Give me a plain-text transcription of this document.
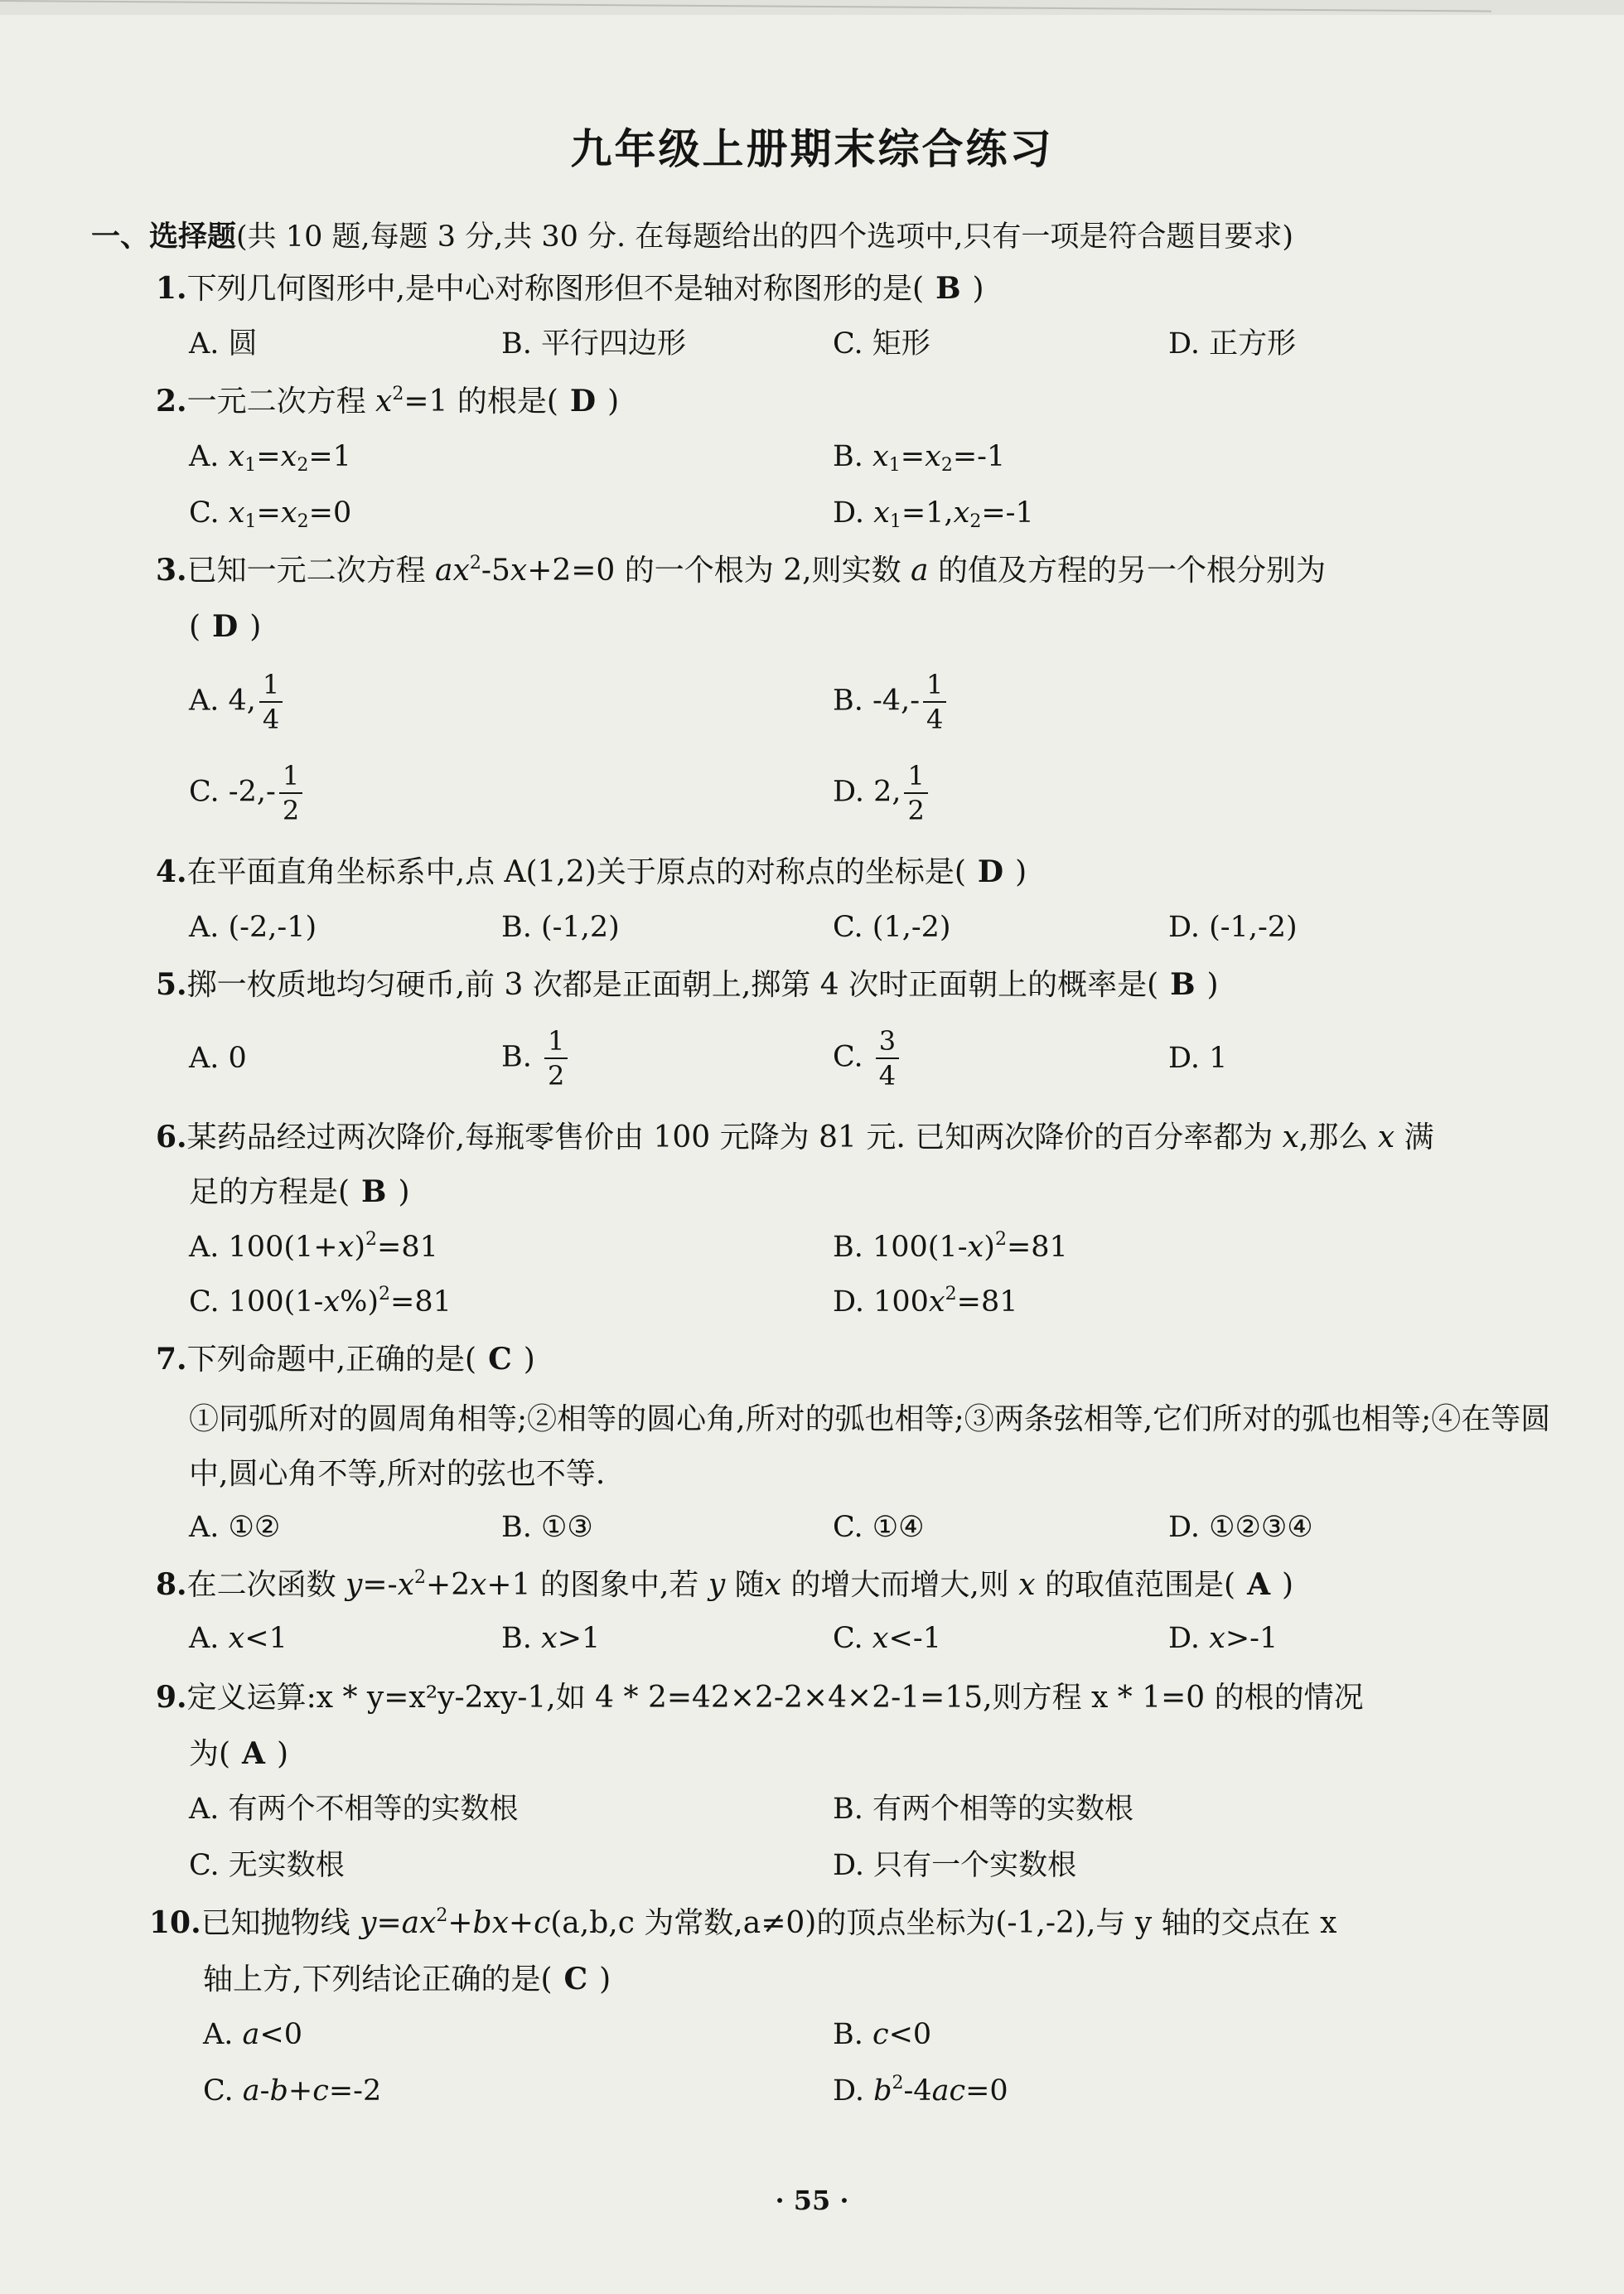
九年级上册期末综合练习
一、选择题(共 10 题,每题 3 分,共 30 分. 在每题给出的四个选项中,只有一项是符合题目要求)
1.下列几何图形中,是中心对称图形但不是轴对称图形的是( B )
A. 圆	B. 平行四边形	C. 矩形	D. 正方形
2.一元二次方程 $x^2=1$ 的根是( D )
A. $x_1=x_2=1$	B. $x_1=x_2=-1$
C. $x_1=x_2=0$	D. $x_1=1,x_2=-1$
3.已知一元二次方程 $ax^2-5x+2=0$ 的一个根为 2,则实数 a 的值及方程的另一个根分别为
( D )
A. 4, $\frac{1}{4}$	B. $-4,- \frac{1}{4}$
C. $-2,- \frac{1}{2}$	D. 2, $\frac{1}{2}$
4.在平面直角坐标系中,点 A(1,2)关于原点的对称点的坐标是( D )
A. (-2,-1)	B. (-1,2)	C. (1,-2)	D. (-1,-2)
5.掷一枚质地均匀硬币,前 3 次都是正面朝上,掷第 4 次时正面朝上的概率是( B )
A. 0	B. $\frac{1}{2}$	C. $\frac{3}{4}$	D. 1
6.某药品经过两次降价,每瓶零售价由 100 元降为 81 元. 已知两次降价的百分率都为 x,那么 x 满
足的方程是( B )
A. $100(1+x)^2=81$	B. $100(1-x)^2=81$
C. $100(1-x\%)^2=81$	D. $100x^2=81$
7.下列命题中,正确的是( C )
①同弧所对的圆周角相等;②相等的圆心角,所对的弧也相等;③两条弦相等,它们所对的弧也相等;④在等圆中,圆心角不等,所对的弦也不等.
A. ①②	B. ①③	C. ①④	D. ①②③④
8.在二次函数 $y=-x^2+2x+1$ 的图象中,若 y 随x 的增大而增大,则 x 的取值范围是( A )
A. x<1	B. x>1	C. x<-1	D. x>-1
9.定义运算:x * y=x²y-2xy-1,如 4 * 2=42×2-2×4×2-1=15,则方程 x * 1=0 的根的情况
为( A )
A. 有两个不相等的实数根	B. 有两个相等的实数根
C. 无实数根	D. 只有一个实数根
10.已知抛物线 $y=ax^2+bx+c(a,b,c$ 为常数,a≠0)的顶点坐标为(-1,-2),与 y 轴的交点在 x
轴上方,下列结论正确的是( C )
A. a<0	B. c<0
C. a-b+c=-2	D. $b^2-4ac=0$
· 55 ·
